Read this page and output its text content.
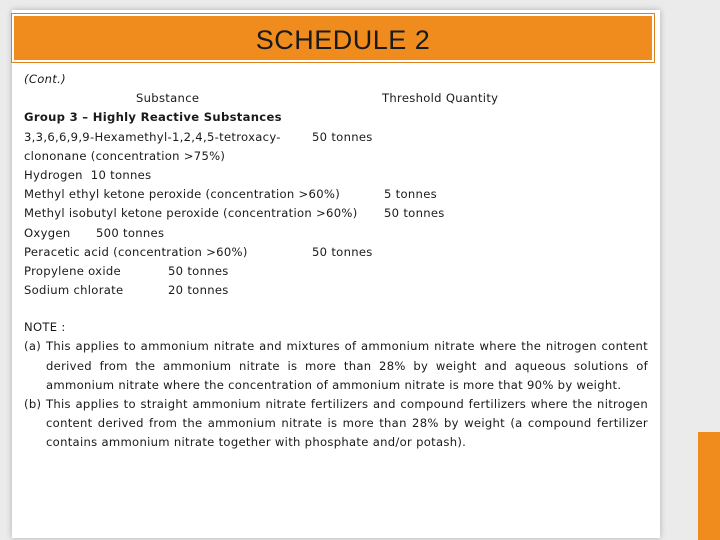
SCHEDULE 2
(Cont.)
Substance	Threshold Quantity
Group 3 – Highly Reactive Substances
3,3,6,6,9,9-Hexamethyl-1,2,4,5-tetroxacy-	50 tonnes
clononane (concentration >75%)
Hydrogen 10 tonnes
Methyl ethyl ketone peroxide (concentration >60%)	5 tonnes
Methyl isobutyl ketone peroxide (concentration >60%) 50 tonnes
Oxygen 500 tonnes
Peracetic acid (concentration >60%)	50 tonnes
Propylene oxide	50 tonnes
Sodium chlorate	20 tonnes
NOTE :
(a) This applies to ammonium nitrate and mixtures of ammonium nitrate where the nitrogen content derived from the ammonium nitrate is more than 28% by weight and aqueous solutions of ammonium nitrate where the concentration of ammonium nitrate is more that 90% by weight.
(b) This applies to straight ammonium nitrate fertilizers and compound fertilizers where the nitrogen content derived from the ammonium nitrate is more than 28% by weight (a compound fertilizer contains ammonium nitrate together with phosphate and/or potash).
